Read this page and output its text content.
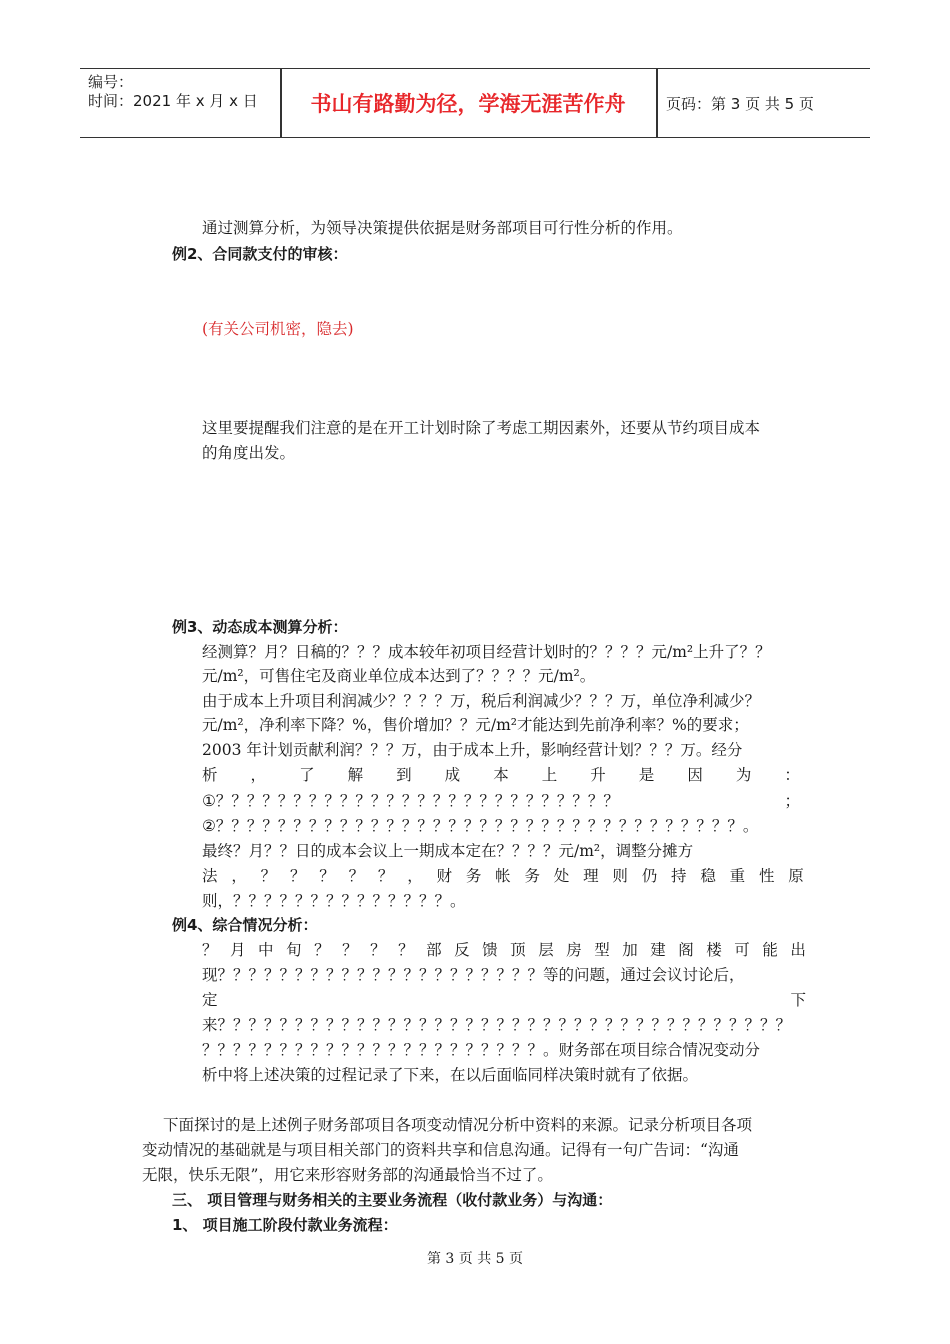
编号：
时间：2021 年 x 月 x 日	书山有路勤为径，学海无涯苦作舟	页码：第 3 页 共 5 页
通过测算分析，为领导决策提供依据是财务部项目可行性分析的作用。
例2、合同款支付的审核：
(有关公司机密，隐去)
这里要提醒我们注意的是在开工计划时除了考虑工期因素外，还要从节约项目成本
的角度出发。
例3、动态成本测算分析：
经测算？月？日稿的？？？成本较年初项目经营计划时的？？？？元/m²上升了？？
元/m²，可售住宅及商业单位成本达到了？？？？元/m²。
由于成本上升项目利润减少？？？？万，税后利润减少？？？万，单位净利减少？
元/m²，净利率下降？%，售价增加？？元/m²才能达到先前净利率？%的要求；
2003 年计划贡献利润？？？万，由于成本上升，影响经营计划？？？万。经分
析 ， 了 解 到 成 本 上 升 是 因 为 ：
①？？？？？？？？？？？？？？？？？？？？？？？？？？	；
②？？？？？？？？？？？？？？？？？？？？？？？？？？？？？？？？？？。
最终？月？？日的成本会议上一期成本定在？？？？元/m²，调整分摊方
法 ， ？ ？ ？ ？ ？ ， 财 务 帐 务 处 理 则 仍 持 稳 重 性 原
则，？？？？？？？？？？？？？？。
例4、综合情况分析：
？ 月 中 旬 ？ ？ ？ ？ 部 反 馈 顶 层 房 型 加 建 阁 楼 可 能 出
现？？？？？？？？？？？？？？？？？？？？？等的问题，通过会议讨论后，
定	下
来？？？？？？？？？？？？？？？？？？？？？？？？？？？？？？？？？？？？？
？？？？？？？？？？？？？？？？？？？？？？。财务部在项目综合情况变动分
析中将上述决策的过程记录了下来，在以后面临同样决策时就有了依据。
下面探讨的是上述例子财务部项目各项变动情况分析中资料的来源。记录分析项目各项
变动情况的基础就是与项目相关部门的资料共享和信息沟通。记得有一句广告词：“沟通
无限，快乐无限”，用它来形容财务部的沟通最恰当不过了。
三、 项目管理与财务相关的主要业务流程（收付款业务）与沟通：
1、 项目施工阶段付款业务流程：
第 3 页 共 5 页
